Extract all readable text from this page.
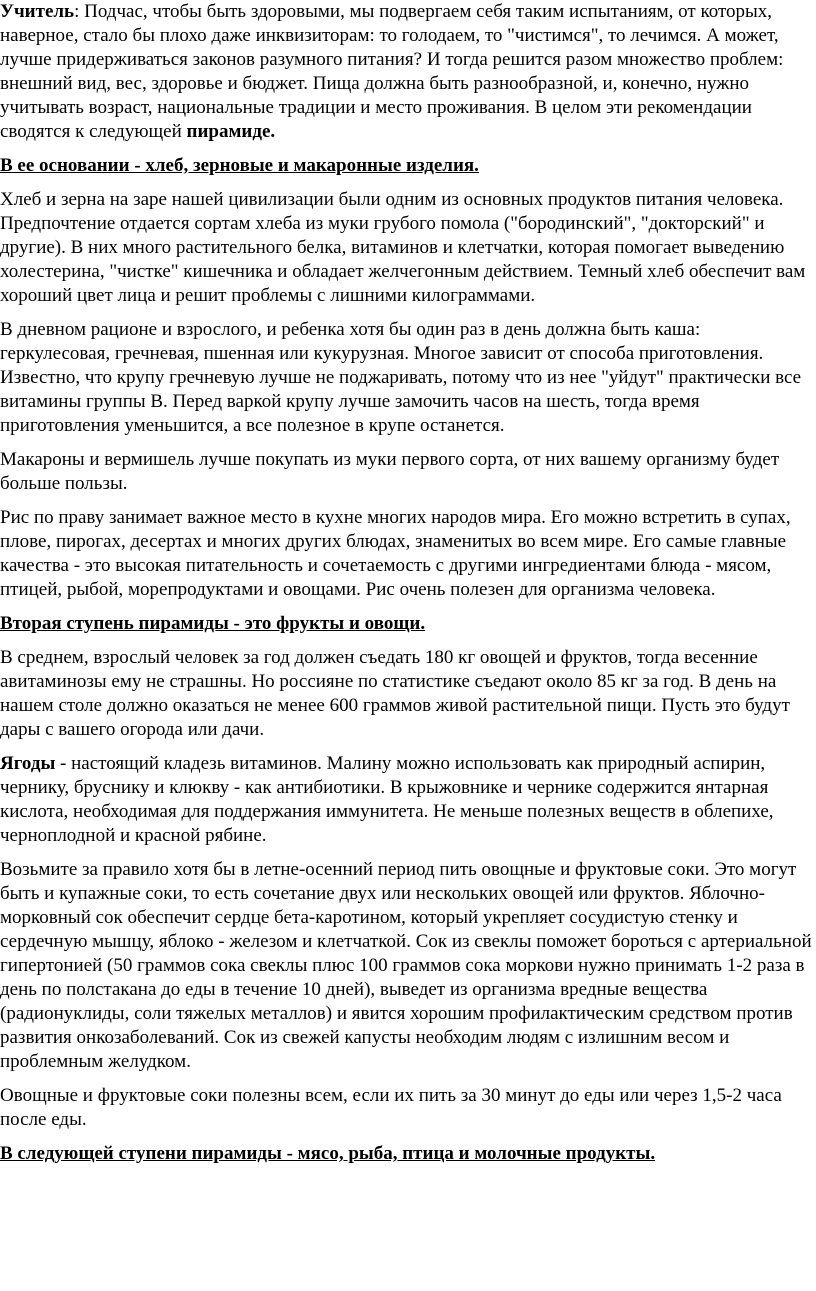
Учитель: Подчас, чтобы быть здоровыми, мы подвергаем себя таким испытаниям, от которых, наверное, стало бы плохо даже инквизиторам: то голодаем, то "чистимся", то лечимся. А может, лучше придерживаться законов разумного питания? И тогда решится разом множество проблем: внешний вид, вес, здоровье и бюджет. Пища должна быть разнообразной, и, конечно, нужно учитывать возраст, национальные традиции и место проживания. В целом эти рекомендации сводятся к следующей пирамиде.

В ее основании - хлеб, зерновые и макаронные изделия.

Хлеб и зерна на заре нашей цивилизации были одним из основных продуктов питания человека. Предпочтение отдается сортам хлеба из муки грубого помола ("бородинский", "докторский" и другие). В них много растительного белка, витаминов и клетчатки, которая помогает выведению холестерина, "чистке" кишечника и обладает желчегонным действием. Темный хлеб обеспечит вам хороший цвет лица и решит проблемы с лишними килограммами.

В дневном рационе и взрослого, и ребенка хотя бы один раз в день должна быть каша: геркулесовая, гречневая, пшенная или кукурузная. Многое зависит от способа приготовления. Известно, что крупу гречневую лучше не поджаривать, потому что из нее "уйдут" практически все витамины группы В. Перед варкой крупу лучше замочить часов на шесть, тогда время приготовления уменьшится, а все полезное в крупе останется.

Макароны и вермишель лучше покупать из муки первого сорта, от них вашему организму будет больше пользы.

Рис по праву занимает важное место в кухне многих народов мира. Его можно встретить в супах, плове, пирогах, десертах и многих других блюдах, знаменитых во всем мире. Его самые главные качества - это высокая питательность и сочетаемость с другими ингредиентами блюда - мясом, птицей, рыбой, морепродуктами и овощами. Рис очень полезен для организма человека.

Вторая ступень пирамиды - это фрукты и овощи.

В среднем, взрослый человек за год должен съедать 180 кг овощей и фруктов, тогда весенние авитаминозы ему не страшны. Но россияне по статистике съедают около 85 кг за год. В день на нашем столе должно оказаться не менее 600 граммов живой растительной пищи. Пусть это будут дары с вашего огорода или дачи.

Ягоды - настоящий кладезь витаминов. Малину можно использовать как природный аспирин, чернику, бруснику и клюкву - как антибиотики. В крыжовнике и чернике содержится янтарная кислота, необходимая для поддержания иммунитета. Не меньше полезных веществ в облепихе, черноплодной и красной рябине.

Возьмите за правило хотя бы в летне-осенний период пить овощные и фруктовые соки. Это могут быть и купажные соки, то есть сочетание двух или нескольких овощей или фруктов. Яблочно-морковный сок обеспечит сердце бета-каротином, который укрепляет сосудистую стенку и сердечную мышцу, яблоко - железом и клетчаткой. Сок из свеклы поможет бороться с артериальной гипертонией (50 граммов сока свеклы плюс 100 граммов сока моркови нужно принимать 1-2 раза в день по полстакана до еды в течение 10 дней), выведет из организма вредные вещества (радионуклиды, соли тяжелых металлов) и явится хорошим профилактическим средством против развития онкозаболеваний. Сок из свежей капусты необходим людям с излишним весом и проблемным желудком.

Овощные и фруктовые соки полезны всем, если их пить за 30 минут до еды или через 1,5-2 часа после еды.

В следующей ступени пирамиды - мясо, рыба, птица и молочные продукты.
